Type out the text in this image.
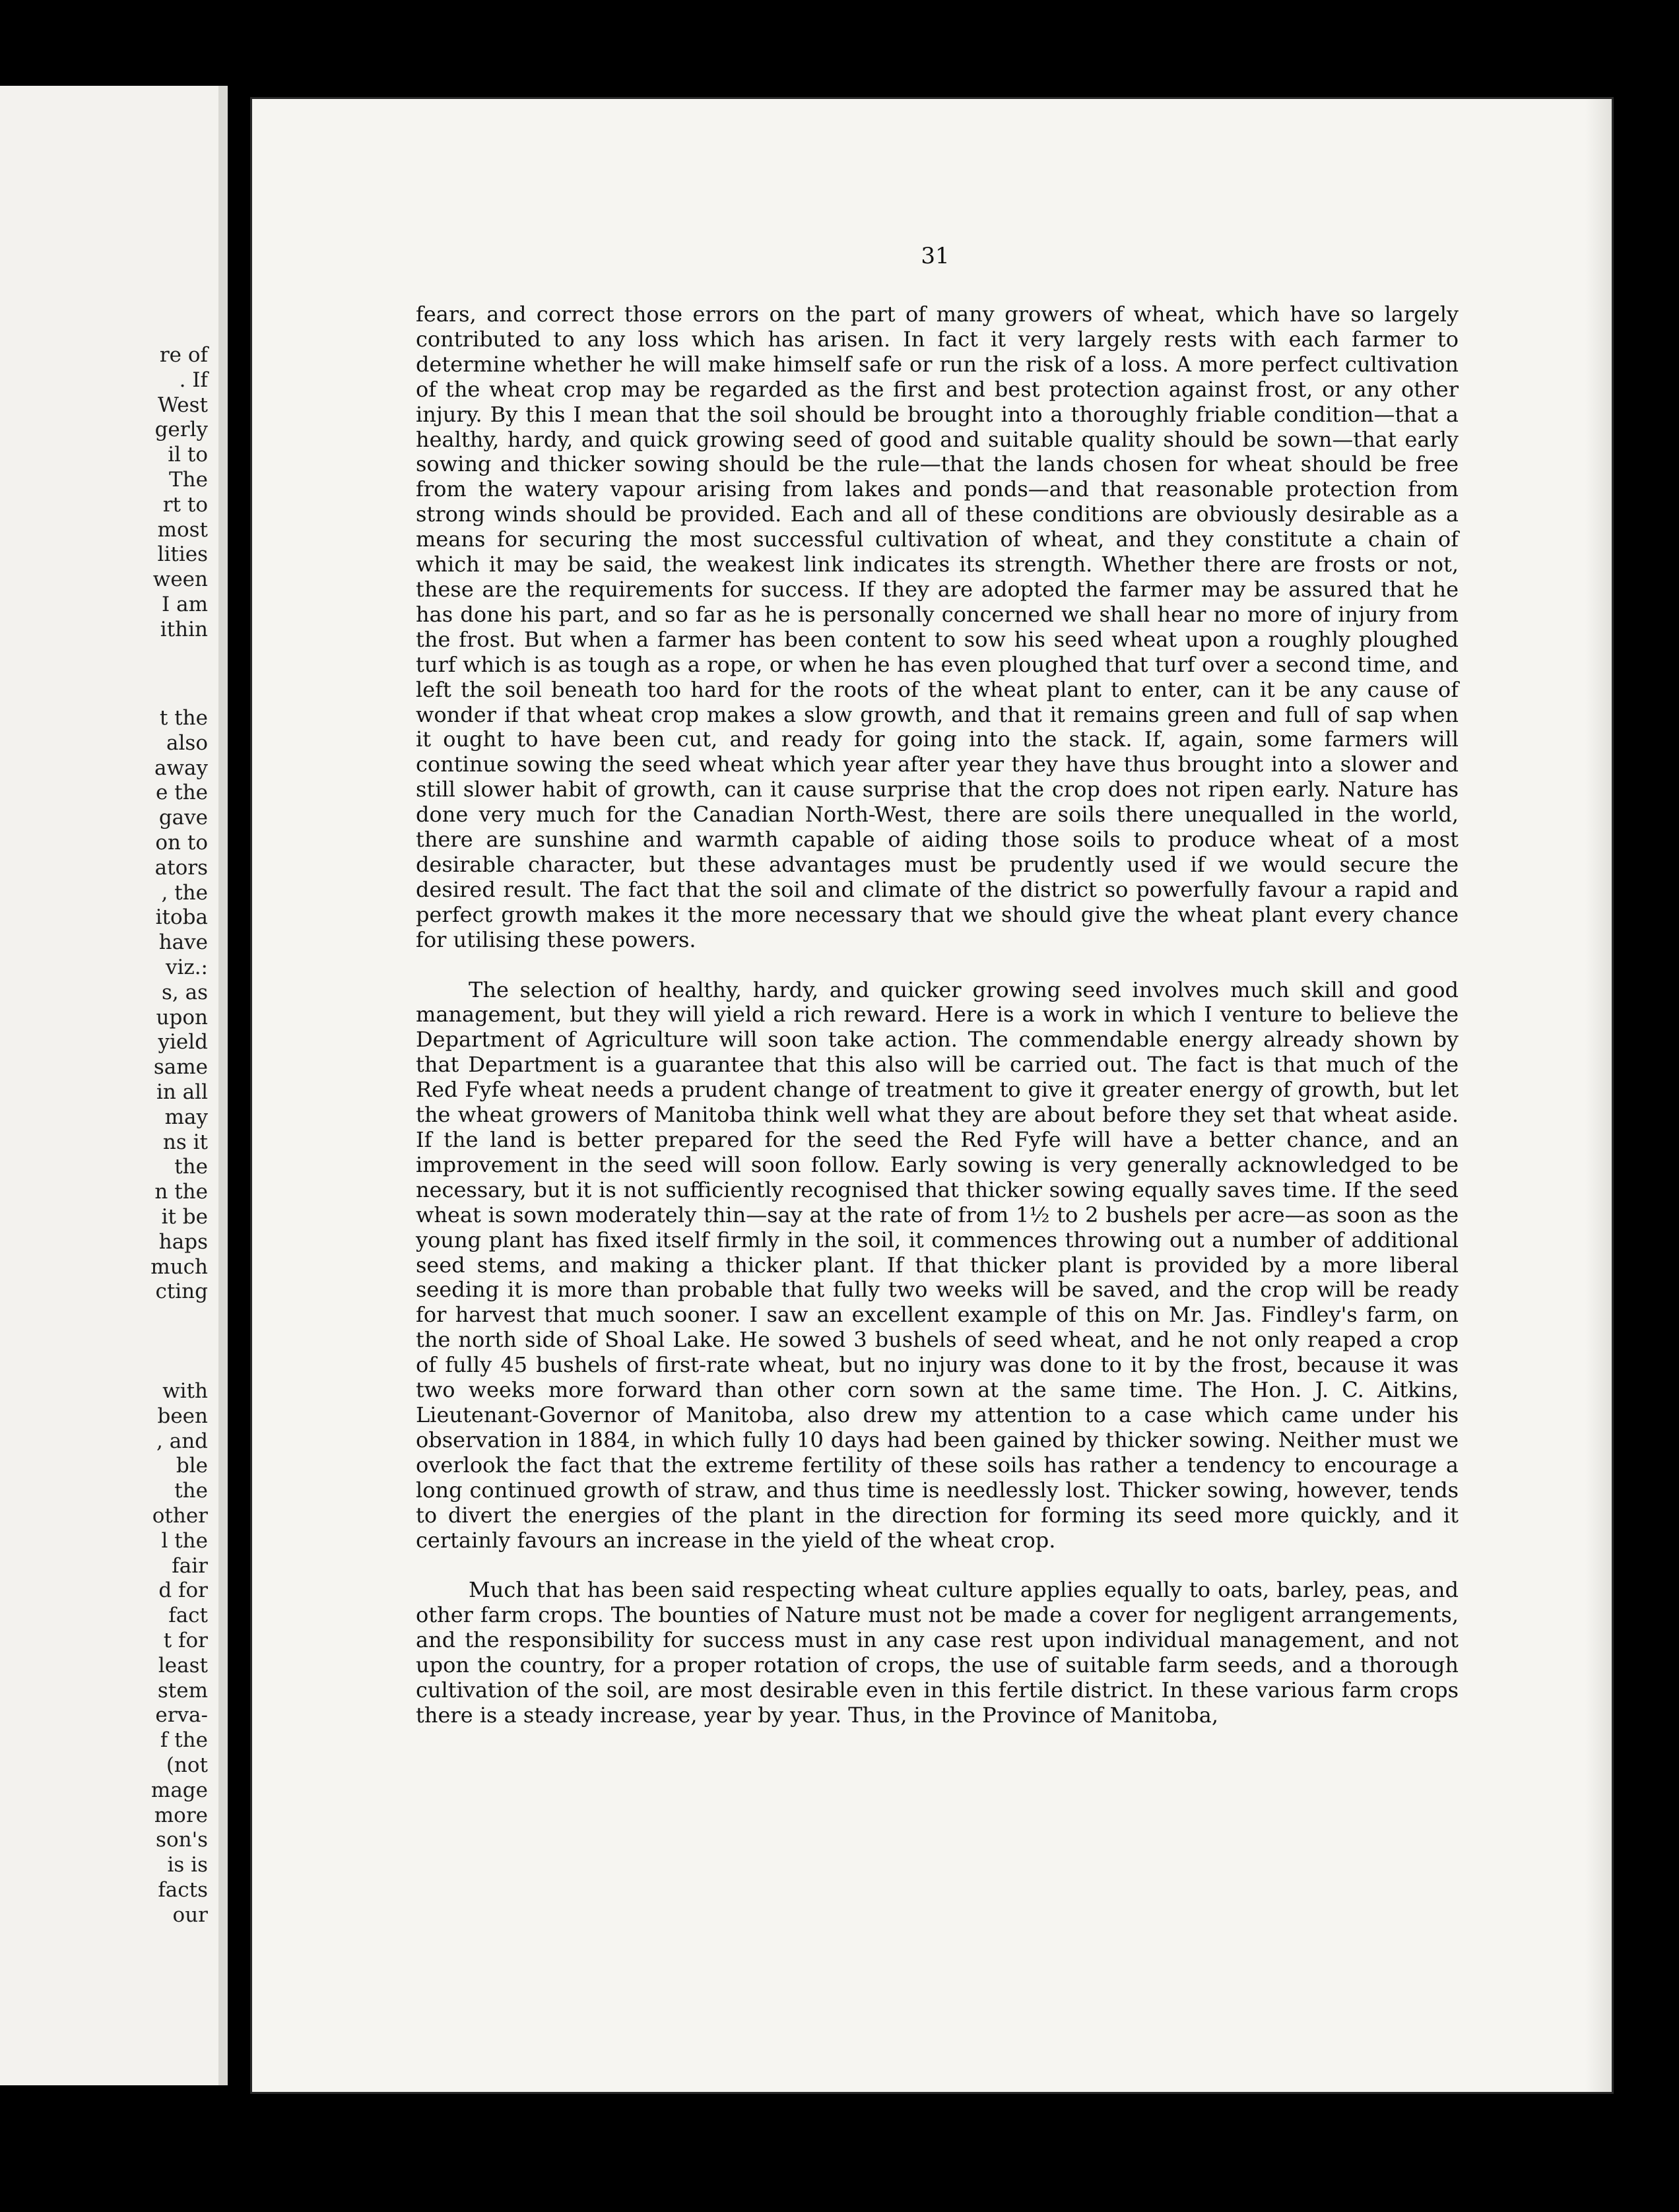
re of
. If
West
gerly
il to
The
rt to
most
lities
ween
I am
ithin
t the
also
away
e the
gave
on to
ators
, the
itoba
have
viz.:
s, as
upon
yield
same
in all
may
ns it
the
n the
it be
haps
much
cting
with
been
, and
ble
the
other
l the
fair
d for
fact
t for
least
stem
erva-
f the
(not
mage
more
son's
is is
facts
our
31

fears, and correct those errors on the part of many growers of wheat, which have so largely contributed to any loss which has arisen. In fact it very largely rests with each farmer to determine whether he will make himself safe or run the risk of a loss. A more perfect cultivation of the wheat crop may be regarded as the first and best protection against frost, or any other injury. By this I mean that the soil should be brought into a thoroughly friable condition—that a healthy, hardy, and quick growing seed of good and suitable quality should be sown—that early sowing and thicker sowing should be the rule—that the lands chosen for wheat should be free from the watery vapour arising from lakes and ponds—and that reasonable protection from strong winds should be provided. Each and all of these conditions are obviously desirable as a means for securing the most successful cultivation of wheat, and they constitute a chain of which it may be said, the weakest link indicates its strength. Whether there are frosts or not, these are the requirements for success. If they are adopted the farmer may be assured that he has done his part, and so far as he is personally concerned we shall hear no more of injury from the frost. But when a farmer has been content to sow his seed wheat upon a roughly ploughed turf which is as tough as a rope, or when he has even ploughed that turf over a second time, and left the soil beneath too hard for the roots of the wheat plant to enter, can it be any cause of wonder if that wheat crop makes a slow growth, and that it remains green and full of sap when it ought to have been cut, and ready for going into the stack. If, again, some farmers will continue sowing the seed wheat which year after year they have thus brought into a slower and still slower habit of growth, can it cause surprise that the crop does not ripen early. Nature has done very much for the Canadian North-West, there are soils there unequalled in the world, there are sunshine and warmth capable of aiding those soils to produce wheat of a most desirable character, but these advantages must be prudently used if we would secure the desired result. The fact that the soil and climate of the district so powerfully favour a rapid and perfect growth makes it the more necessary that we should give the wheat plant every chance for utilising these powers.

The selection of healthy, hardy, and quicker growing seed involves much skill and good management, but they will yield a rich reward. Here is a work in which I venture to believe the Department of Agriculture will soon take action. The commendable energy already shown by that Department is a guarantee that this also will be carried out. The fact is that much of the Red Fyfe wheat needs a prudent change of treatment to give it greater energy of growth, but let the wheat growers of Manitoba think well what they are about before they set that wheat aside. If the land is better prepared for the seed the Red Fyfe will have a better chance, and an improvement in the seed will soon follow. Early sowing is very generally acknowledged to be necessary, but it is not sufficiently recognised that thicker sowing equally saves time. If the seed wheat is sown moderately thin—say at the rate of from 1½ to 2 bushels per acre—as soon as the young plant has fixed itself firmly in the soil, it commences throwing out a number of additional seed stems, and making a thicker plant. If that thicker plant is provided by a more liberal seeding it is more than probable that fully two weeks will be saved, and the crop will be ready for harvest that much sooner. I saw an excellent example of this on Mr. Jas. Findley's farm, on the north side of Shoal Lake. He sowed 3 bushels of seed wheat, and he not only reaped a crop of fully 45 bushels of first-rate wheat, but no injury was done to it by the frost, because it was two weeks more forward than other corn sown at the same time. The Hon. J. C. Aitkins, Lieutenant-Governor of Manitoba, also drew my attention to a case which came under his observation in 1884, in which fully 10 days had been gained by thicker sowing. Neither must we overlook the fact that the extreme fertility of these soils has rather a tendency to encourage a long continued growth of straw, and thus time is needlessly lost. Thicker sowing, however, tends to divert the energies of the plant in the direction for forming its seed more quickly, and it certainly favours an increase in the yield of the wheat crop.

Much that has been said respecting wheat culture applies equally to oats, barley, peas, and other farm crops. The bounties of Nature must not be made a cover for negligent arrangements, and the responsibility for success must in any case rest upon individual management, and not upon the country, for a proper rotation of crops, the use of suitable farm seeds, and a thorough cultivation of the soil, are most desirable even in this fertile district. In these various farm crops there is a steady increase, year by year. Thus, in the Province of Manitoba,
